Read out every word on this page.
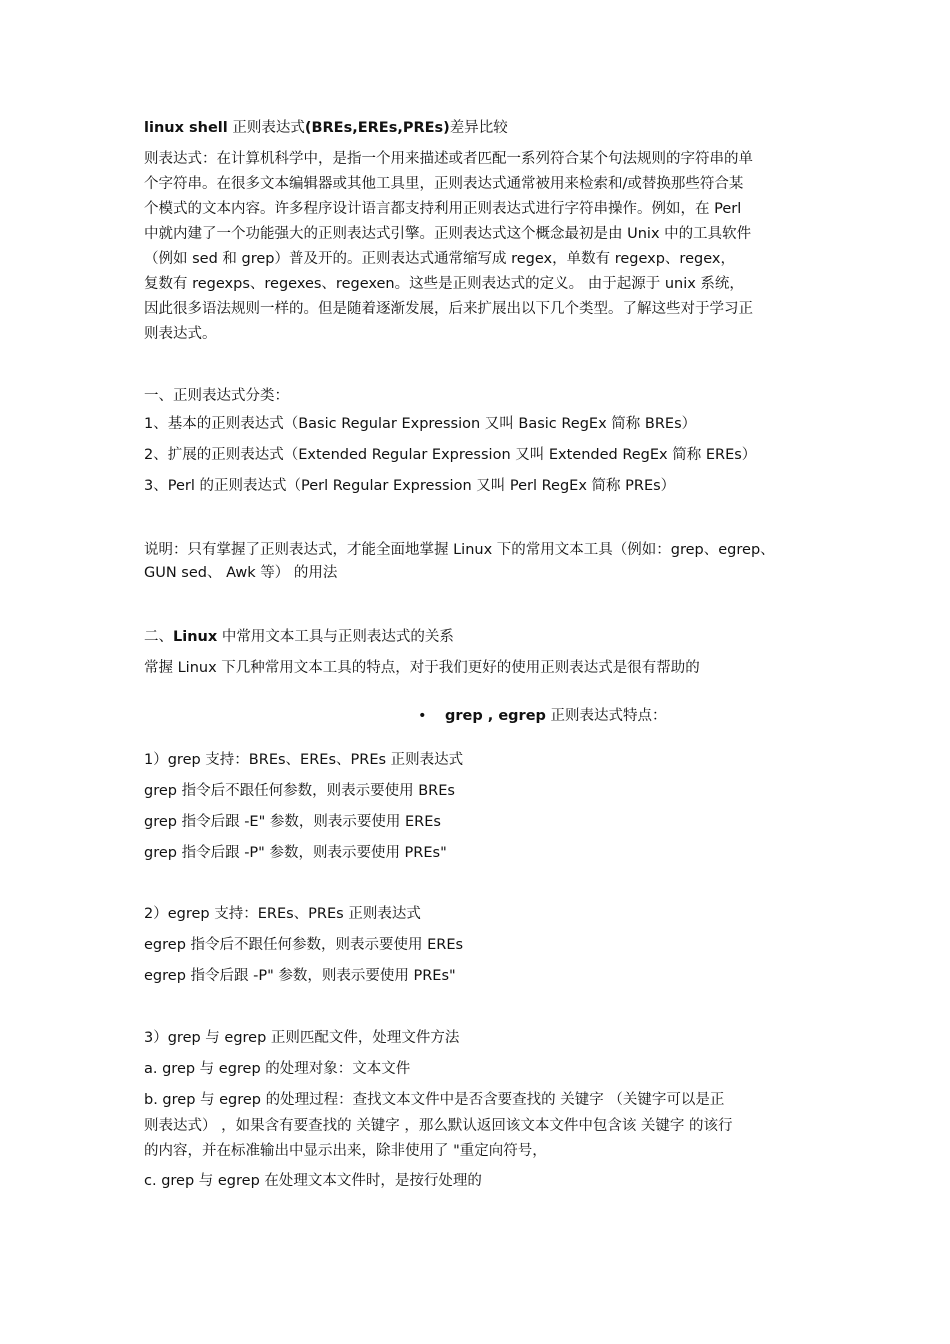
linux shell 正则表达式(BREs,EREs,PREs)差异比较
则表达式：在计算机科学中，是指一个用来描述或者匹配一系列符合某个句法规则的字符串的单
个字符串。在很多文本编辑器或其他工具里，正则表达式通常被用来检索和/或替换那些符合某
个模式的文本内容。许多程序设计语言都支持利用正则表达式进行字符串操作。例如，在 Perl
中就内建了一个功能强大的正则表达式引擎。正则表达式这个概念最初是由 Unix 中的工具软件
（例如 sed 和 grep）普及开的。正则表达式通常缩写成 regex，单数有 regexp、regex，
复数有 regexps、regexes、regexen。这些是正则表达式的定义。 由于起源于 unix 系统，
因此很多语法规则一样的。但是随着逐渐发展，后来扩展出以下几个类型。了解这些对于学习正
则表达式。
一、正则表达式分类：
1、基本的正则表达式（Basic Regular Expression 又叫 Basic RegEx 简称 BREs）
2、扩展的正则表达式（Extended Regular Expression 又叫 Extended RegEx 简称 EREs）
3、Perl 的正则表达式（Perl Regular Expression 又叫 Perl RegEx 简称 PREs）
说明：只有掌握了正则表达式，才能全面地掌握 Linux 下的常用文本工具（例如：grep、egrep、
GUN sed、 Awk 等） 的用法
二、Linux 中常用文本工具与正则表达式的关系
常握 Linux 下几种常用文本工具的特点，对于我们更好的使用正则表达式是很有帮助的
• grep , egrep 正则表达式特点：
1）grep 支持：BREs、EREs、PREs 正则表达式
grep 指令后不跟任何参数，则表示要使用 BREs
grep 指令后跟 -E" 参数，则表示要使用 EREs
grep 指令后跟 -P" 参数，则表示要使用 PREs"
2）egrep 支持：EREs、PREs 正则表达式
egrep 指令后不跟任何参数，则表示要使用 EREs
egrep 指令后跟 -P" 参数，则表示要使用 PREs"
3）grep 与 egrep 正则匹配文件，处理文件方法
a. grep 与 egrep 的处理对象：文本文件
b. grep 与 egrep 的处理过程：查找文本文件中是否含要查找的 关键字 （关键字可以是正
则表达式） ，如果含有要查找的 关键字 ，那么默认返回该文本文件中包含该 关键字 的该行
的内容，并在标准输出中显示出来，除非使用了 "重定向符号，
c. grep 与 egrep 在处理文本文件时，是按行处理的
